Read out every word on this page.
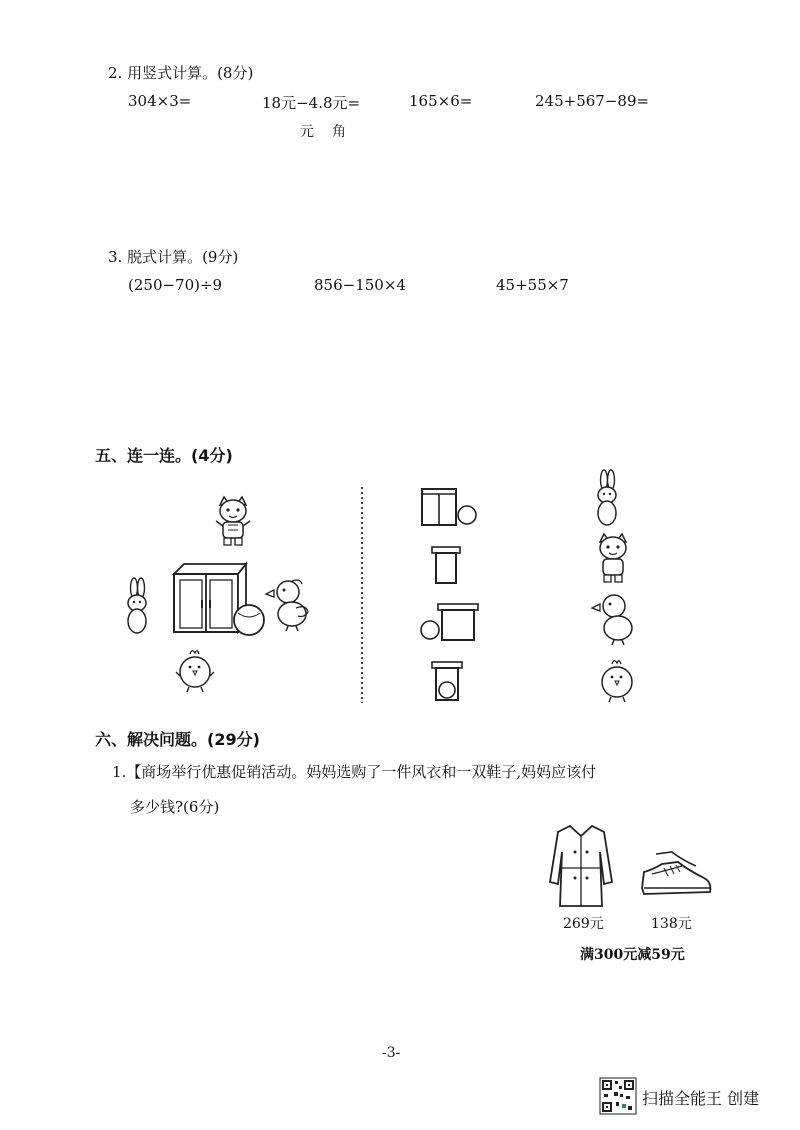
2. 用竖式计算。(8分)
304×3=	18元−4.8元=	165×6=	245+567−89=
元 角
3. 脱式计算。(9分)
(250−70)÷9	856−150×4	45+55×7
五、连一连。(4分)
六、解决问题。(29分)
1.【商场举行优惠促销活动。妈妈选购了一件风衣和一双鞋子,妈妈应该付
多少钱?(6分)
269元	138元
满300元减59元
-3-
扫描全能王 创建
